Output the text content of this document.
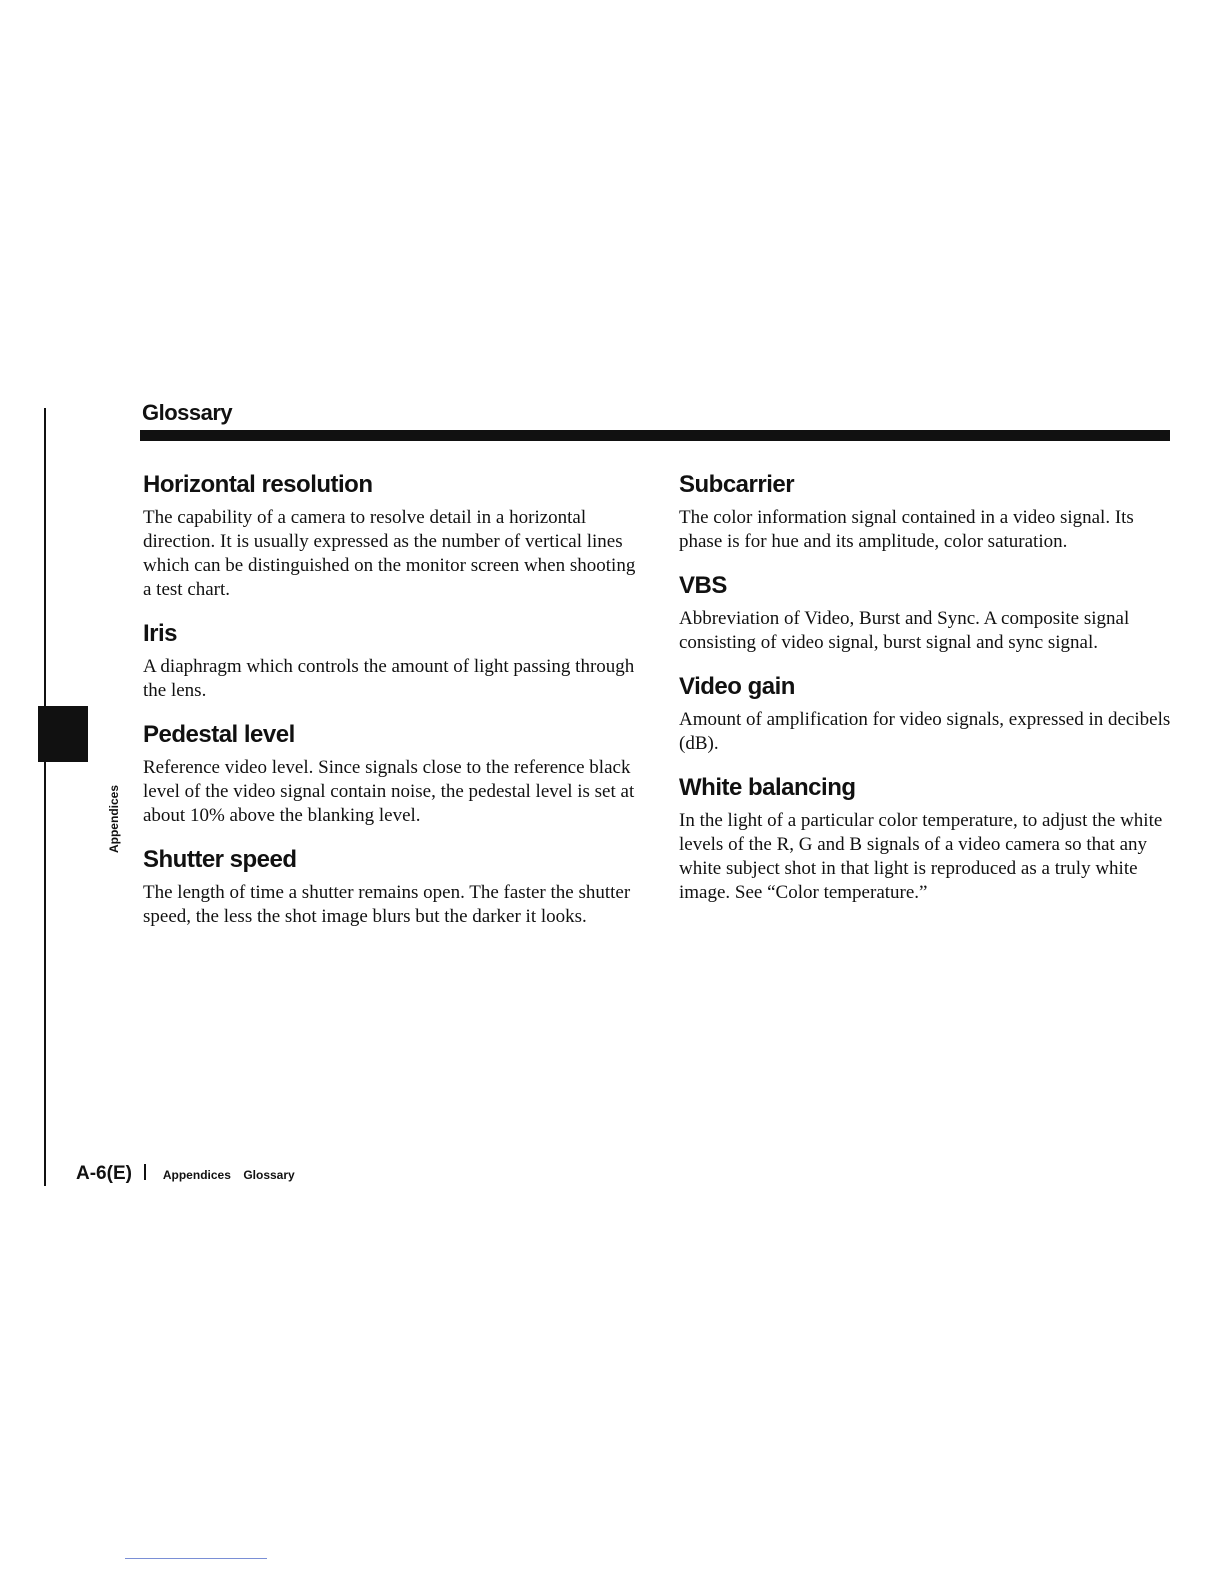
Appendices
Glossary
Horizontal resolution

The capability of a camera to resolve detail in a horizontal direction. It is usually expressed as the number of vertical lines which can be distinguished on the monitor screen when shooting a test chart.

Iris

A diaphragm which controls the amount of light passing through the lens.

Pedestal level

Reference video level. Since signals close to the reference black level of the video signal contain noise, the pedestal level is set at about 10% above the blanking level.

Shutter speed

The length of time a shutter remains open. The faster the shutter speed, the less the shot image blurs but the darker it looks.

Subcarrier

The color information signal contained in a video signal. Its phase is for hue and its amplitude, color saturation.

VBS

Abbreviation of Video, Burst and Sync. A composite signal consisting of video signal, burst signal and sync signal.

Video gain

Amount of amplification for video signals, expressed in decibels (dB).

White balancing

In the light of a particular color temperature, to adjust the white levels of the R, G and B signals of a video camera so that any white subject shot in that light is reproduced as a truly white image. See “Color temperature.”

A-6(E)	Appendices Glossary
